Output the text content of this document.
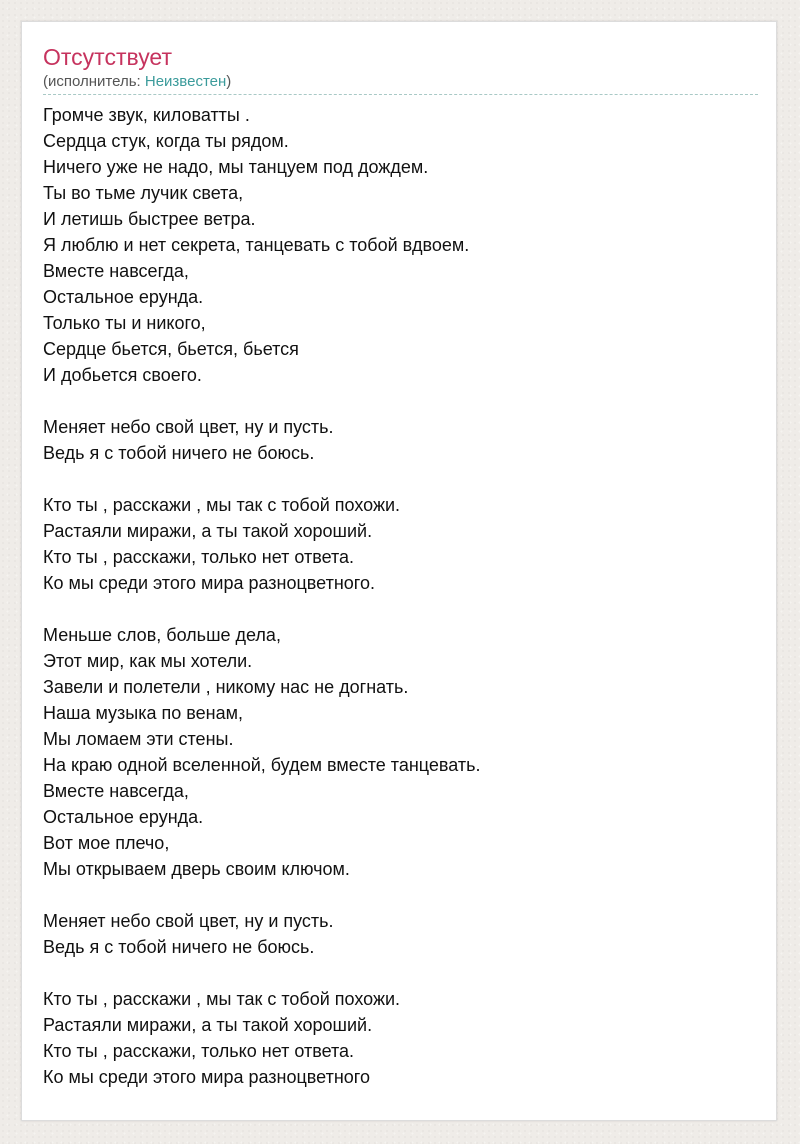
Отсутствует
(исполнитель: Неизвестен)
Громче звук, киловатты .
Сердца стук, когда ты рядом.
Ничего уже не надо, мы танцуем под дождем.
Ты во тьме лучик света,
И летишь быстрее ветра.
Я люблю и нет секрета, танцевать с тобой вдвоем.
Вместе навсегда,
Остальное ерунда.
Только ты и никого,
Сердце бьется, бьется, бьется
И добьется своего.
Меняет небо свой цвет, ну и пусть.
Ведь я с тобой ничего не боюсь.
Кто ты , расскажи , мы так с тобой похожи.
Растаяли миражи, а ты такой хороший.
Кто ты , расскажи, только нет ответа.
Ко мы среди этого мира разноцветного.
Меньше слов, больше дела,
Этот мир, как мы хотели.
Завели и полетели , никому нас не догнать.
Наша музыка по венам,
Мы ломаем эти стены.
На краю одной вселенной, будем вместе танцевать.
Вместе навсегда,
Остальное ерунда.
Вот мое плечо,
Мы открываем дверь своим ключом.
Меняет небо свой цвет, ну и пусть.
Ведь я с тобой ничего не боюсь.
Кто ты , расскажи , мы так с тобой похожи.
Растаяли миражи, а ты такой хороший.
Кто ты , расскажи, только нет ответа.
Ко мы среди этого мира разноцветного
